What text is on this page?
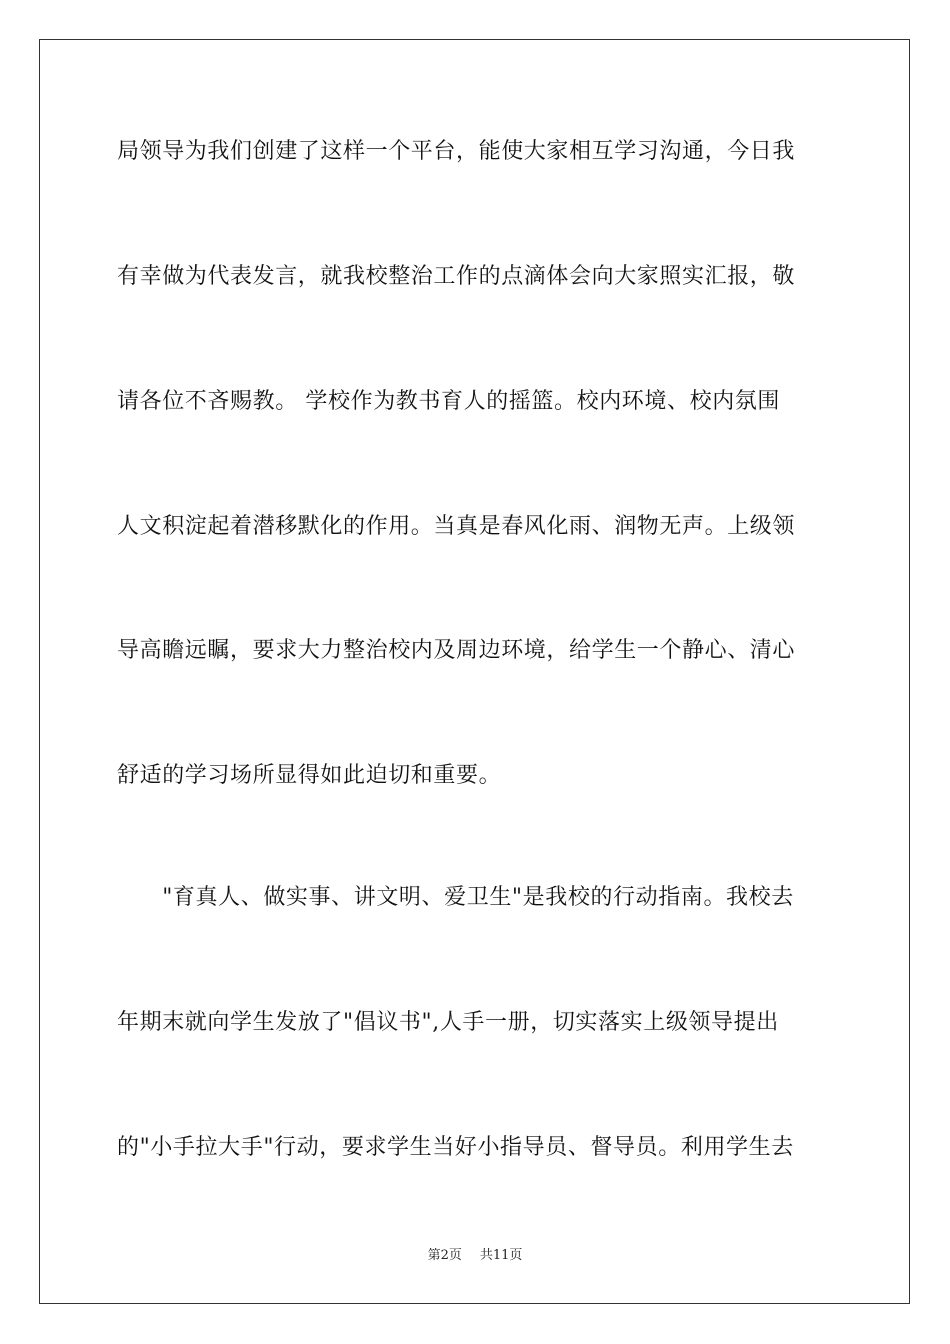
局领导为我们创建了这样一个平台，能使大家相互学习沟通，今日我
有幸做为代表发言，就我校整治工作的点滴体会向大家照实汇报，敬
请各位不吝赐教。 学校作为教书育人的摇篮。校内环境、校内氛围
人文积淀起着潜移默化的作用。当真是春风化雨、润物无声。上级领
导高瞻远瞩，要求大力整治校内及周边环境，给学生一个静心、清心
舒适的学习场所显得如此迫切和重要。
　　"育真人、做实事、讲文明、爱卫生"是我校的行动指南。我校去
年期末就向学生发放了"倡议书",人手一册，切实落实上级领导提出
的"小手拉大手"行动，要求学生当好小指导员、督导员。利用学生去
第2页 共11页
